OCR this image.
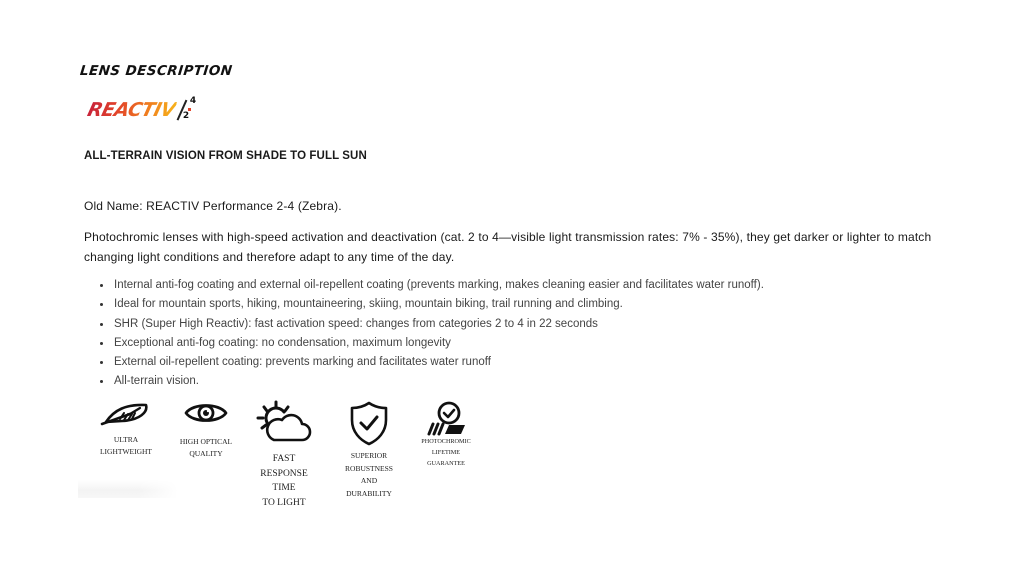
LENS DESCRIPTION
REACTIV 4
2
ALL-TERRAIN VISION FROM SHADE TO FULL SUN
Old Name: REACTIV Performance 2-4 (Zebra).
Photochromic lenses with high-speed activation and deactivation (cat. 2 to 4—visible light transmission rates: 7% - 35%), they get darker or lighter to match changing light conditions and therefore adapt to any time of the day.
Internal anti-fog coating and external oil-repellent coating (prevents marking, makes cleaning easier and facilitates water runoff).
Ideal for mountain sports, hiking, mountaineering, skiing, mountain biking, trail running and climbing.
SHR (Super High Reactiv): fast activation speed: changes from categories 2 to 4 in 22 seconds
Exceptional anti-fog coating: no condensation, maximum longevity
External oil-repellent coating: prevents marking and facilitates water runoff
All-terrain vision.
ULTRA
LIGHTWEIGHT
HIGH OPTICAL
QUALITY
FAST
RESPONSE
TIME
TO LIGHT
SUPERIOR
ROBUSTNESS
AND
DURABILITY
PHOTOCHROMIC
LIFETIME
GUARANTEE
